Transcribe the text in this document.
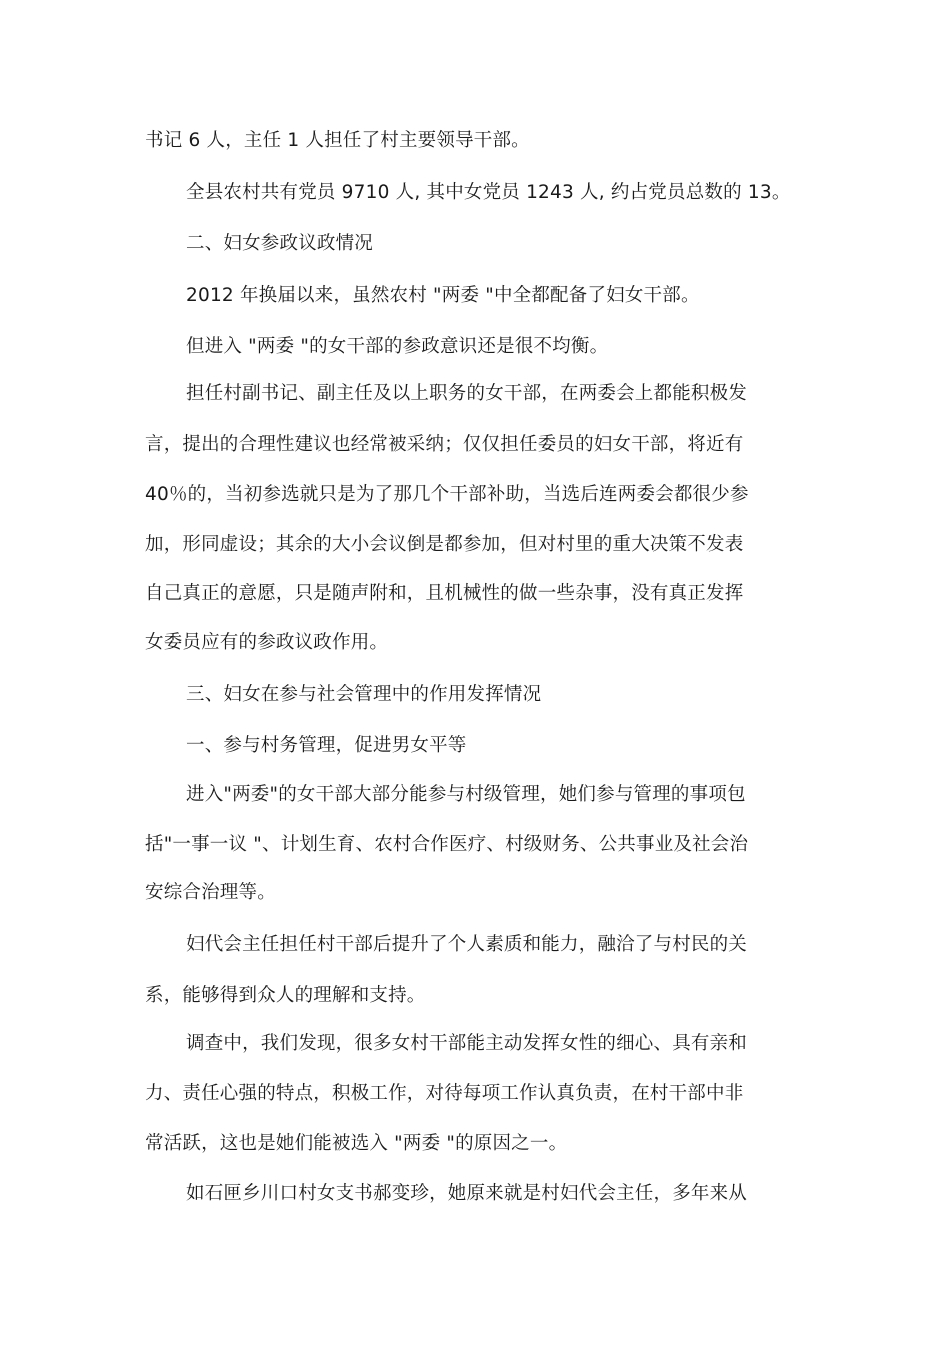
书记 6 人，主任 1 人担任了村主要领导干部。

全县农村共有党员 9710 人, 其中女党员 1243 人, 约占党员总数的 13。

二、妇女参政议政情况

2012 年换届以来，虽然农村 "两委 "中全都配备了妇女干部。

但进入 "两委 "的女干部的参政意识还是很不均衡。

担任村副书记、副主任及以上职务的女干部，在两委会上都能积极发

言，提出的合理性建议也经常被采纳；仅仅担任委员的妇女干部，将近有

40％的，当初参选就只是为了那几个干部补助，当选后连两委会都很少参

加，形同虚设；其余的大小会议倒是都参加，但对村里的重大决策不发表

自己真正的意愿，只是随声附和，且机械性的做一些杂事，没有真正发挥

女委员应有的参政议政作用。

三、妇女在参与社会管理中的作用发挥情况

一、参与村务管理，促进男女平等

进入"两委"的女干部大部分能参与村级管理，她们参与管理的事项包

括"一事一议 "、计划生育、农村合作医疗、村级财务、公共事业及社会治

安综合治理等。

妇代会主任担任村干部后提升了个人素质和能力，融洽了与村民的关

系，能够得到众人的理解和支持。

调查中，我们发现，很多女村干部能主动发挥女性的细心、具有亲和

力、责任心强的特点，积极工作，对待每项工作认真负责，在村干部中非

常活跃，这也是她们能被选入 "两委 "的原因之一。

如石匣乡川口村女支书郝变珍，她原来就是村妇代会主任，多年来从
